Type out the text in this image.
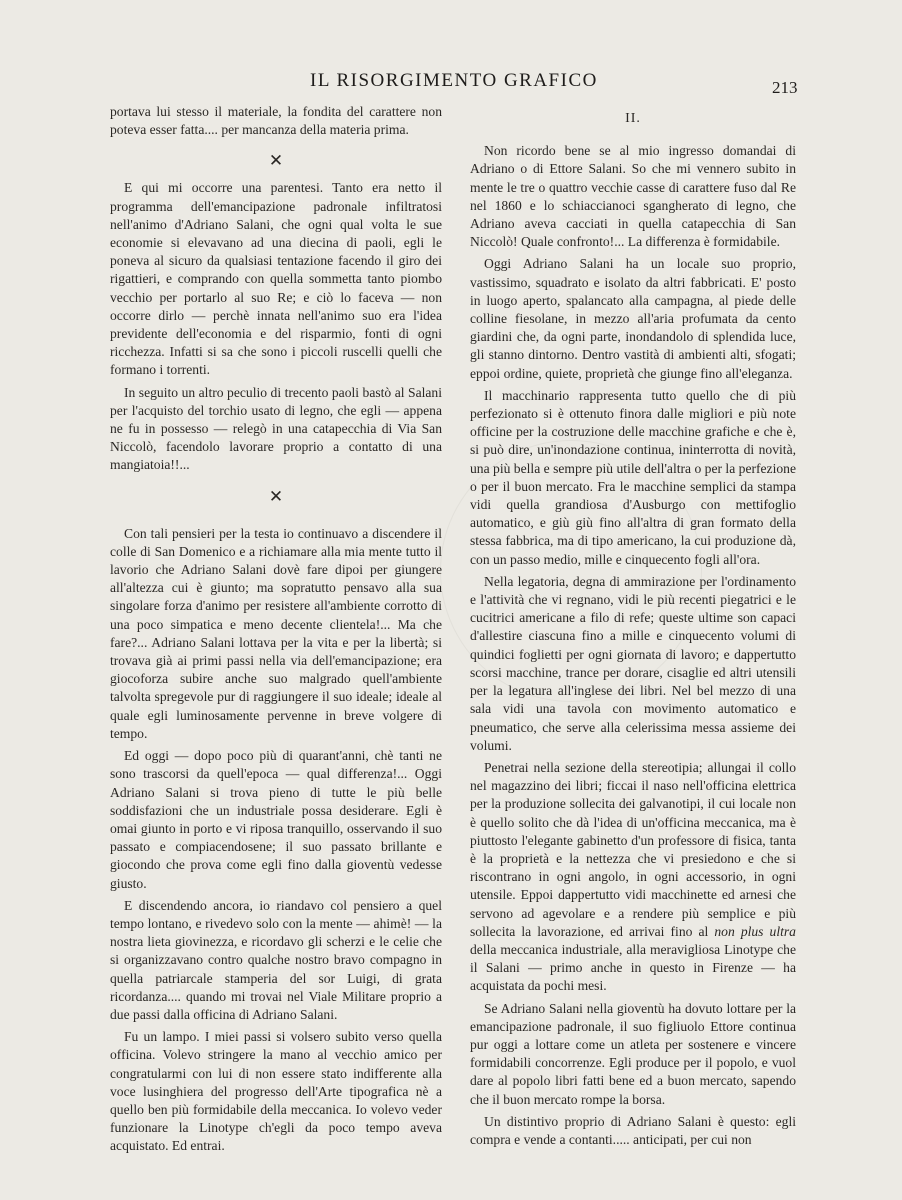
IL RISORGIMENTO GRAFICO	213

portava lui stesso il materiale, la fondita del carattere non poteva esser fatta.... per mancanza della materia prima.

✕

E qui mi occorre una parentesi. Tanto era netto il programma dell'emancipazione padronale infiltratosi nell'animo d'Adriano Salani, che ogni qual volta le sue economie si elevavano ad una diecina di paoli, egli le poneva al sicuro da qualsiasi tentazione facendo il giro dei rigattieri, e comprando con quella sommetta tanto piombo vecchio per portarlo al suo Re; e ciò lo faceva — non occorre dirlo — perchè innata nell'animo suo era l'idea previdente dell'economia e del risparmio, fonti di ogni ricchezza. Infatti si sa che sono i piccoli ruscelli quelli che formano i torrenti.

In seguito un altro peculio di trecento paoli bastò al Salani per l'acquisto del torchio usato di legno, che egli — appena ne fu in possesso — relegò in una catapecchia di Via San Niccolò, facendolo lavorare proprio a contatto di una mangiatoia!!...

✕

Con tali pensieri per la testa io continuavo a discendere il colle di San Domenico e a richiamare alla mia mente tutto il lavorio che Adriano Salani dovè fare dipoi per giungere all'altezza cui è giunto; ma sopratutto pensavo alla sua singolare forza d'animo per resistere all'ambiente corrotto di una poco simpatica e meno decente clientela!... Ma che fare?... Adriano Salani lottava per la vita e per la libertà; si trovava già ai primi passi nella via dell'emancipazione; era giocoforza subire anche suo malgrado quell'ambiente talvolta spregevole pur di raggiungere il suo ideale; ideale al quale egli luminosamente pervenne in breve volgere di tempo.

Ed oggi — dopo poco più di quarant'anni, chè tanti ne sono trascorsi da quell'epoca — qual differenza!... Oggi Adriano Salani si trova pieno di tutte le più belle soddisfazioni che un industriale possa desiderare. Egli è omai giunto in porto e vi riposa tranquillo, osservando il suo passato e compiacendosene; il suo passato brillante e giocondo che prova come egli fino dalla gioventù vedesse giusto.

E discendendo ancora, io riandavo col pensiero a quel tempo lontano, e rivedevo solo con la mente — ahimè! — la nostra lieta giovinezza, e ricordavo gli scherzi e le celie che si organizzavano contro qualche nostro bravo compagno in quella patriarcale stamperia del sor Luigi, di grata ricordanza.... quando mi trovai nel Viale Militare proprio a due passi dalla officina di Adriano Salani.

Fu un lampo. I miei passi si volsero subito verso quella officina. Volevo stringere la mano al vecchio amico per congratularmi con lui di non essere stato indifferente alla voce lusinghiera del progresso dell'Arte tipografica nè a quello ben più formidabile della meccanica. Io volevo veder funzionare la Linotype ch'egli da poco tempo aveva acquistato. Ed entrai.

II.

Non ricordo bene se al mio ingresso domandai di Adriano o di Ettore Salani. So che mi vennero subito in mente le tre o quattro vecchie casse di carattere fuso dal Re nel 1860 e lo schiaccianoci sgangherato di legno, che Adriano aveva cacciati in quella catapecchia di San Niccolò! Quale confronto!... La differenza è formidabile.

Oggi Adriano Salani ha un locale suo proprio, vastissimo, squadrato e isolato da altri fabbricati. E' posto in luogo aperto, spalancato alla campagna, al piede delle colline fiesolane, in mezzo all'aria profumata da cento giardini che, da ogni parte, inondandolo di splendida luce, gli stanno dintorno. Dentro vastità di ambienti alti, sfogati; eppoi ordine, quiete, proprietà che giunge fino all'eleganza.

Il macchinario rappresenta tutto quello che di più perfezionato si è ottenuto finora dalle migliori e più note officine per la costruzione delle macchine grafiche e che è, si può dire, un'inondazione continua, ininterrotta di novità, una più bella e sempre più utile dell'altra o per la perfezione o per il buon mercato. Fra le macchine semplici da stampa vidi quella grandiosa d'Ausburgo con mettifoglio automatico, e giù giù fino all'altra di gran formato della stessa fabbrica, ma di tipo americano, la cui produzione dà, con un passo medio, mille e cinquecento fogli all'ora.

Nella legatoria, degna di ammirazione per l'ordinamento e l'attività che vi regnano, vidi le più recenti piegatrici e le cucitrici americane a filo di refe; queste ultime son capaci d'allestire ciascuna fino a mille e cinquecento volumi di quindici foglietti per ogni giornata di lavoro; e dappertutto scorsi macchine, trance per dorare, cisaglie ed altri utensili per la legatura all'inglese dei libri. Nel bel mezzo di una sala vidi una tavola con movimento automatico e pneumatico, che serve alla celerissima messa assieme dei volumi.

Penetrai nella sezione della stereotipia; allungai il collo nel magazzino dei libri; ficcai il naso nell'officina elettrica per la produzione sollecita dei galvanotipi, il cui locale non è quello solito che dà l'idea di un'officina meccanica, ma è piuttosto l'elegante gabinetto d'un professore di fisica, tanta è la proprietà e la nettezza che vi presiedono e che si riscontrano in ogni angolo, in ogni accessorio, in ogni utensile. Eppoi dappertutto vidi macchinette ed arnesi che servono ad agevolare e a rendere più semplice e più sollecita la lavorazione, ed arrivai fino al non plus ultra della meccanica industriale, alla meravigliosa Linotype che il Salani — primo anche in questo in Firenze — ha acquistata da pochi mesi.

Se Adriano Salani nella gioventù ha dovuto lottare per la emancipazione padronale, il suo figliuolo Ettore continua pur oggi a lottare come un atleta per sostenere e vincere formidabili concorrenze. Egli produce per il popolo, e vuol dare al popolo libri fatti bene ed a buon mercato, sapendo che il buon mercato rompe la borsa.

Un distintivo proprio di Adriano Salani è questo: egli compra e vende a contanti..... anticipati, per cui non
